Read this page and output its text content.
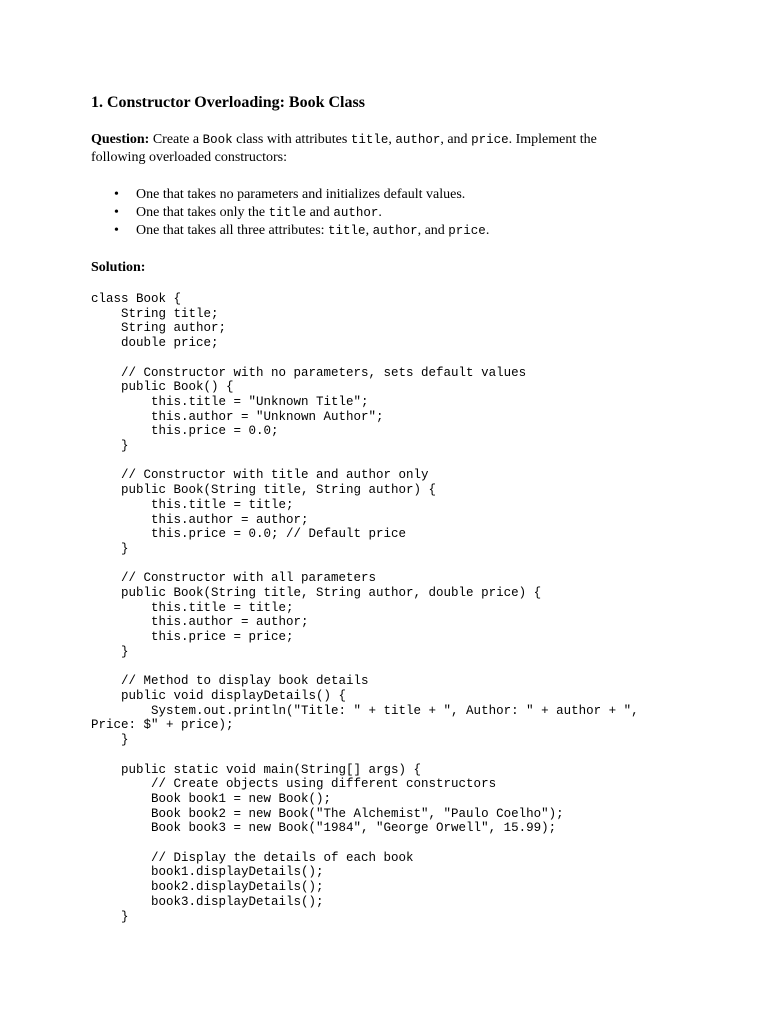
1. Constructor Overloading: Book Class

Question: Create a Book class with attributes title, author, and price. Implement the following overloaded constructors:

• One that takes no parameters and initializes default values.
• One that takes only the title and author.
• One that takes all three attributes: title, author, and price.

Solution:

class Book {
String title;
String author;
double price;

// Constructor with no parameters, sets default values
public Book() {
this.title = "Unknown Title";
this.author = "Unknown Author";
this.price = 0.0;
}

// Constructor with title and author only
public Book(String title, String author) {
this.title = title;
this.author = author;
this.price = 0.0; // Default price
}

// Constructor with all parameters
public Book(String title, String author, double price) {
this.title = title;
this.author = author;
this.price = price;
}

// Method to display book details
public void displayDetails() {
System.out.println("Title: " + title + ", Author: " + author + ",
Price: $" + price);
}

public static void main(String[] args) {
// Create objects using different constructors
Book book1 = new Book();
Book book2 = new Book("The Alchemist", "Paulo Coelho");
Book book3 = new Book("1984", "George Orwell", 15.99);

// Display the details of each book
book1.displayDetails();
book2.displayDetails();
book3.displayDetails();
}
